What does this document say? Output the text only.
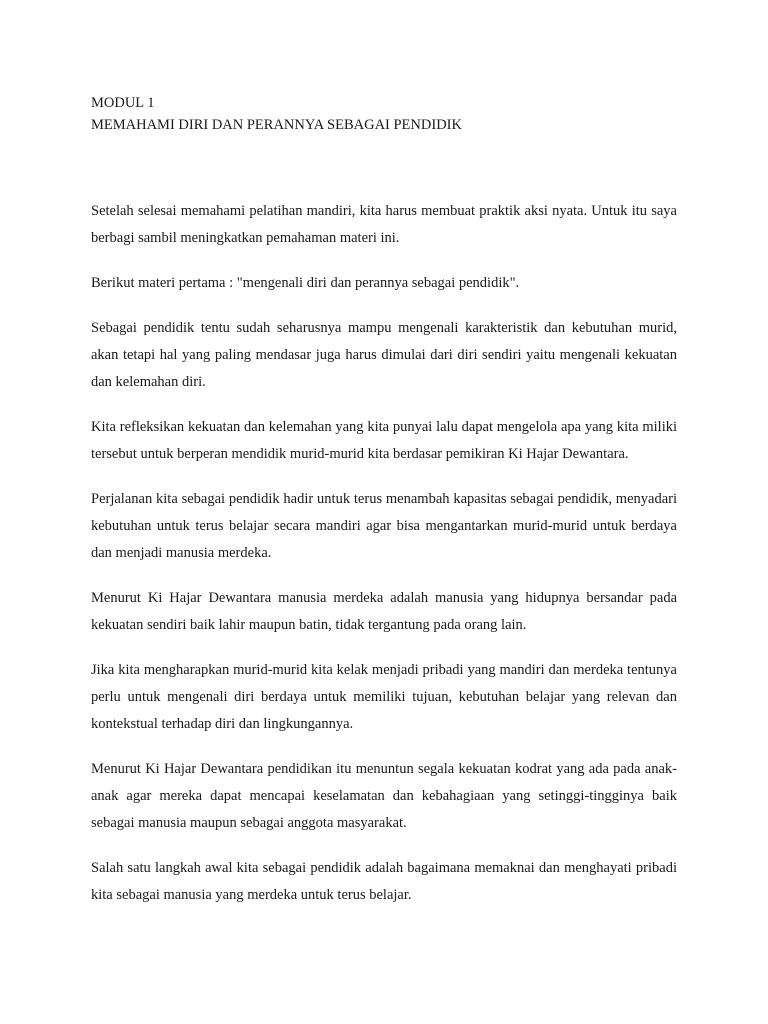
MODUL 1

MEMAHAMI DIRI DAN PERANNYA SEBAGAI PENDIDIK

Setelah selesai memahami pelatihan mandiri, kita harus membuat praktik aksi nyata. Untuk itu saya berbagi sambil meningkatkan pemahaman materi ini.

Berikut materi pertama : "mengenali diri dan perannya sebagai pendidik".

Sebagai pendidik tentu sudah seharusnya mampu mengenali karakteristik dan kebutuhan murid, akan tetapi hal yang paling mendasar juga harus dimulai dari diri sendiri yaitu mengenali kekuatan dan kelemahan diri.

Kita refleksikan kekuatan dan kelemahan yang kita punyai lalu dapat mengelola apa yang kita miliki tersebut untuk berperan mendidik murid-murid kita berdasar pemikiran Ki Hajar Dewantara.

Perjalanan kita sebagai pendidik hadir untuk terus menambah kapasitas sebagai pendidik, menyadari kebutuhan untuk terus belajar secara mandiri agar bisa mengantarkan murid-murid untuk berdaya dan menjadi manusia merdeka.

Menurut Ki Hajar Dewantara manusia merdeka adalah manusia yang hidupnya bersandar pada kekuatan sendiri baik lahir maupun batin, tidak tergantung pada orang lain.

Jika kita mengharapkan murid-murid kita kelak menjadi pribadi yang mandiri dan merdeka tentunya perlu untuk mengenali diri berdaya untuk memiliki tujuan, kebutuhan belajar yang relevan dan kontekstual terhadap diri dan lingkungannya.

Menurut Ki Hajar Dewantara pendidikan itu menuntun segala kekuatan kodrat yang ada pada anak-anak agar mereka dapat mencapai keselamatan dan kebahagiaan yang setinggi-tingginya baik sebagai manusia maupun sebagai anggota masyarakat.

Salah satu langkah awal kita sebagai pendidik adalah bagaimana memaknai dan menghayati pribadi kita sebagai manusia yang merdeka untuk terus belajar.
